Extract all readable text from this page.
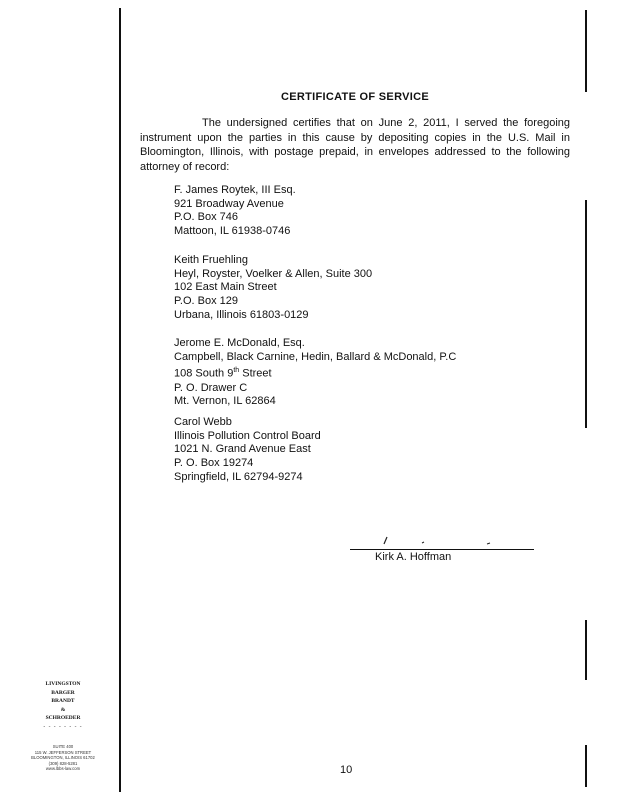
CERTIFICATE OF SERVICE
The undersigned certifies that on June 2, 2011, I served the foregoing instrument upon the parties in this cause by depositing copies in the U.S. Mail in Bloomington, Illinois, with postage prepaid, in envelopes addressed to the following attorney of record:
F. James Roytek, III Esq.
921 Broadway Avenue
P.O. Box 746
Mattoon, IL 61938-0746
Keith Fruehling
Heyl, Royster, Voelker & Allen, Suite 300
102 East Main Street
P.O. Box 129
Urbana, Illinois 61803-0129
Jerome E. McDonald, Esq.
Campbell, Black Carnine, Hedin, Ballard & McDonald, P.C
108 South 9th Street
P. O. Drawer C
Mt. Vernon, IL 62864
Carol Webb
Illinois Pollution Control Board
1021 N. Grand Avenue East
P. O. Box 19274
Springfield, IL 62794-9274
Kirk A. Hoffman
LIVINGSTON
BARGER
BRANDT
&
SCHROEDER
- - - - - - - -
SUITE 400
115 W. JEFFERSON STREET
BLOOMINGTON, ILLINOIS 61702
(309) 828-5281
www.lbbs-law.com	10
